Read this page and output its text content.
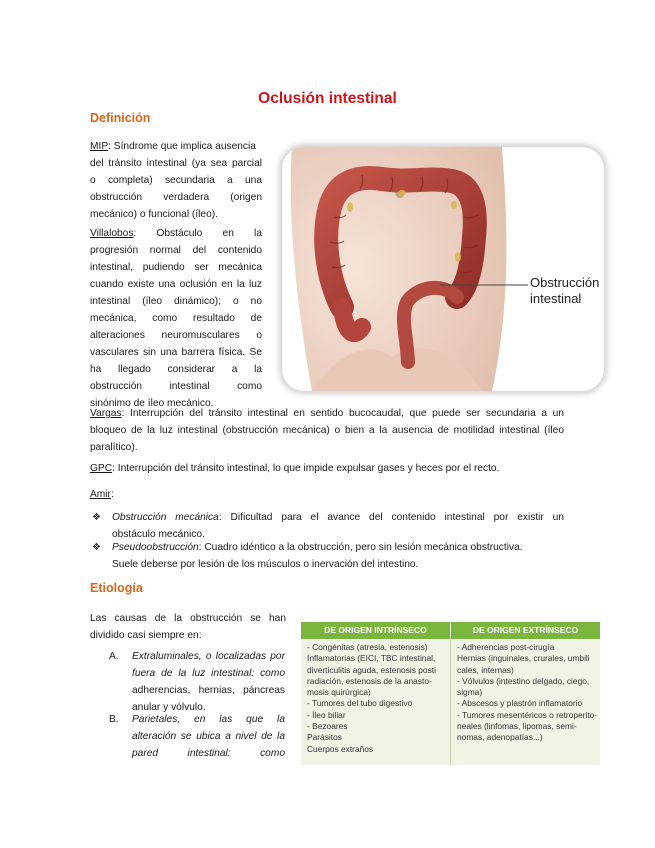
Oclusión intestinal
Definición
MIP: Síndrome que implica ausencia
del tránsito intestinal (ya sea parcial
o completa) secundaria a una
obstrucción verdadera (origen
mecánico) o funcional (íleo).
Villalobos: Obstáculo en la
progresión normal del contenido
intestinal, pudiendo ser mecánica
cuando existe una oclusión en la luz
intestinal (íleo dinámico); o no
mecánica, como resultado de
alteraciones neuromusculares o
vasculares sin una barrera física. Se
ha llegado considerar a la
obstrucción intestinal como
sinónimo de íleo mecánico.
Obstrucción
intestinal
Vargas: Interrupción del tránsito intestinal en sentido bucocaudal, que puede ser secundaria a un
bloqueo de la luz intestinal (obstrucción mecánica) o bien a la ausencia de motilidad intestinal (íleo
paralítico).
GPC: Interrupción del tránsito intestinal, lo que impide expulsar gases y heces por el recto.
Amir:
❖ Obstrucción mecánica: Dificultad para el avance del contenido intestinal por existir un
obstáculo mecánico.
❖ Pseudoobstrucción: Cuadro idéntico a la obstrucción, pero sin lesión mecánica obstructiva.
Suele deberse por lesión de los músculos o inervación del intestino.
Etiología
Las causas de la obstrucción se han
dividido casi siempre en:
A. Extraluminales, o localizadas por
fuera de la luz intestinal: como
adherencias, hernias, páncreas
anular y vólvulo.
B. Parietales, en las que la
alteración se ubica a nivel de la
pared intestinal: como
DE ORIGEN INTRÍNSECO	DE ORIGEN EXTRÍNSECO
- Congénitas (atresia, estenosis)
Inflamatorias (EICI, TBC intestinal,
diverticulitis aguda, estenosis posti
radiación, estenosis de la anasto-
mosis quirúrgica)
- Tumores del tubo digestivo
- Íleo biliar
- Bezoares
Parásitos
Cuerpos extraños
- Adherencias post-cirugía
Hernias (inguinales, crurales, umbili
cales, internas)
- Vólvulos (intestino delgado, ciego,
sigma)
- Abscesos y plastrón inflamatorio
- Tumores mesentéricos o retroperito-
neales (linfomas, lipomas, semi-
nomas, adenopatías...)
